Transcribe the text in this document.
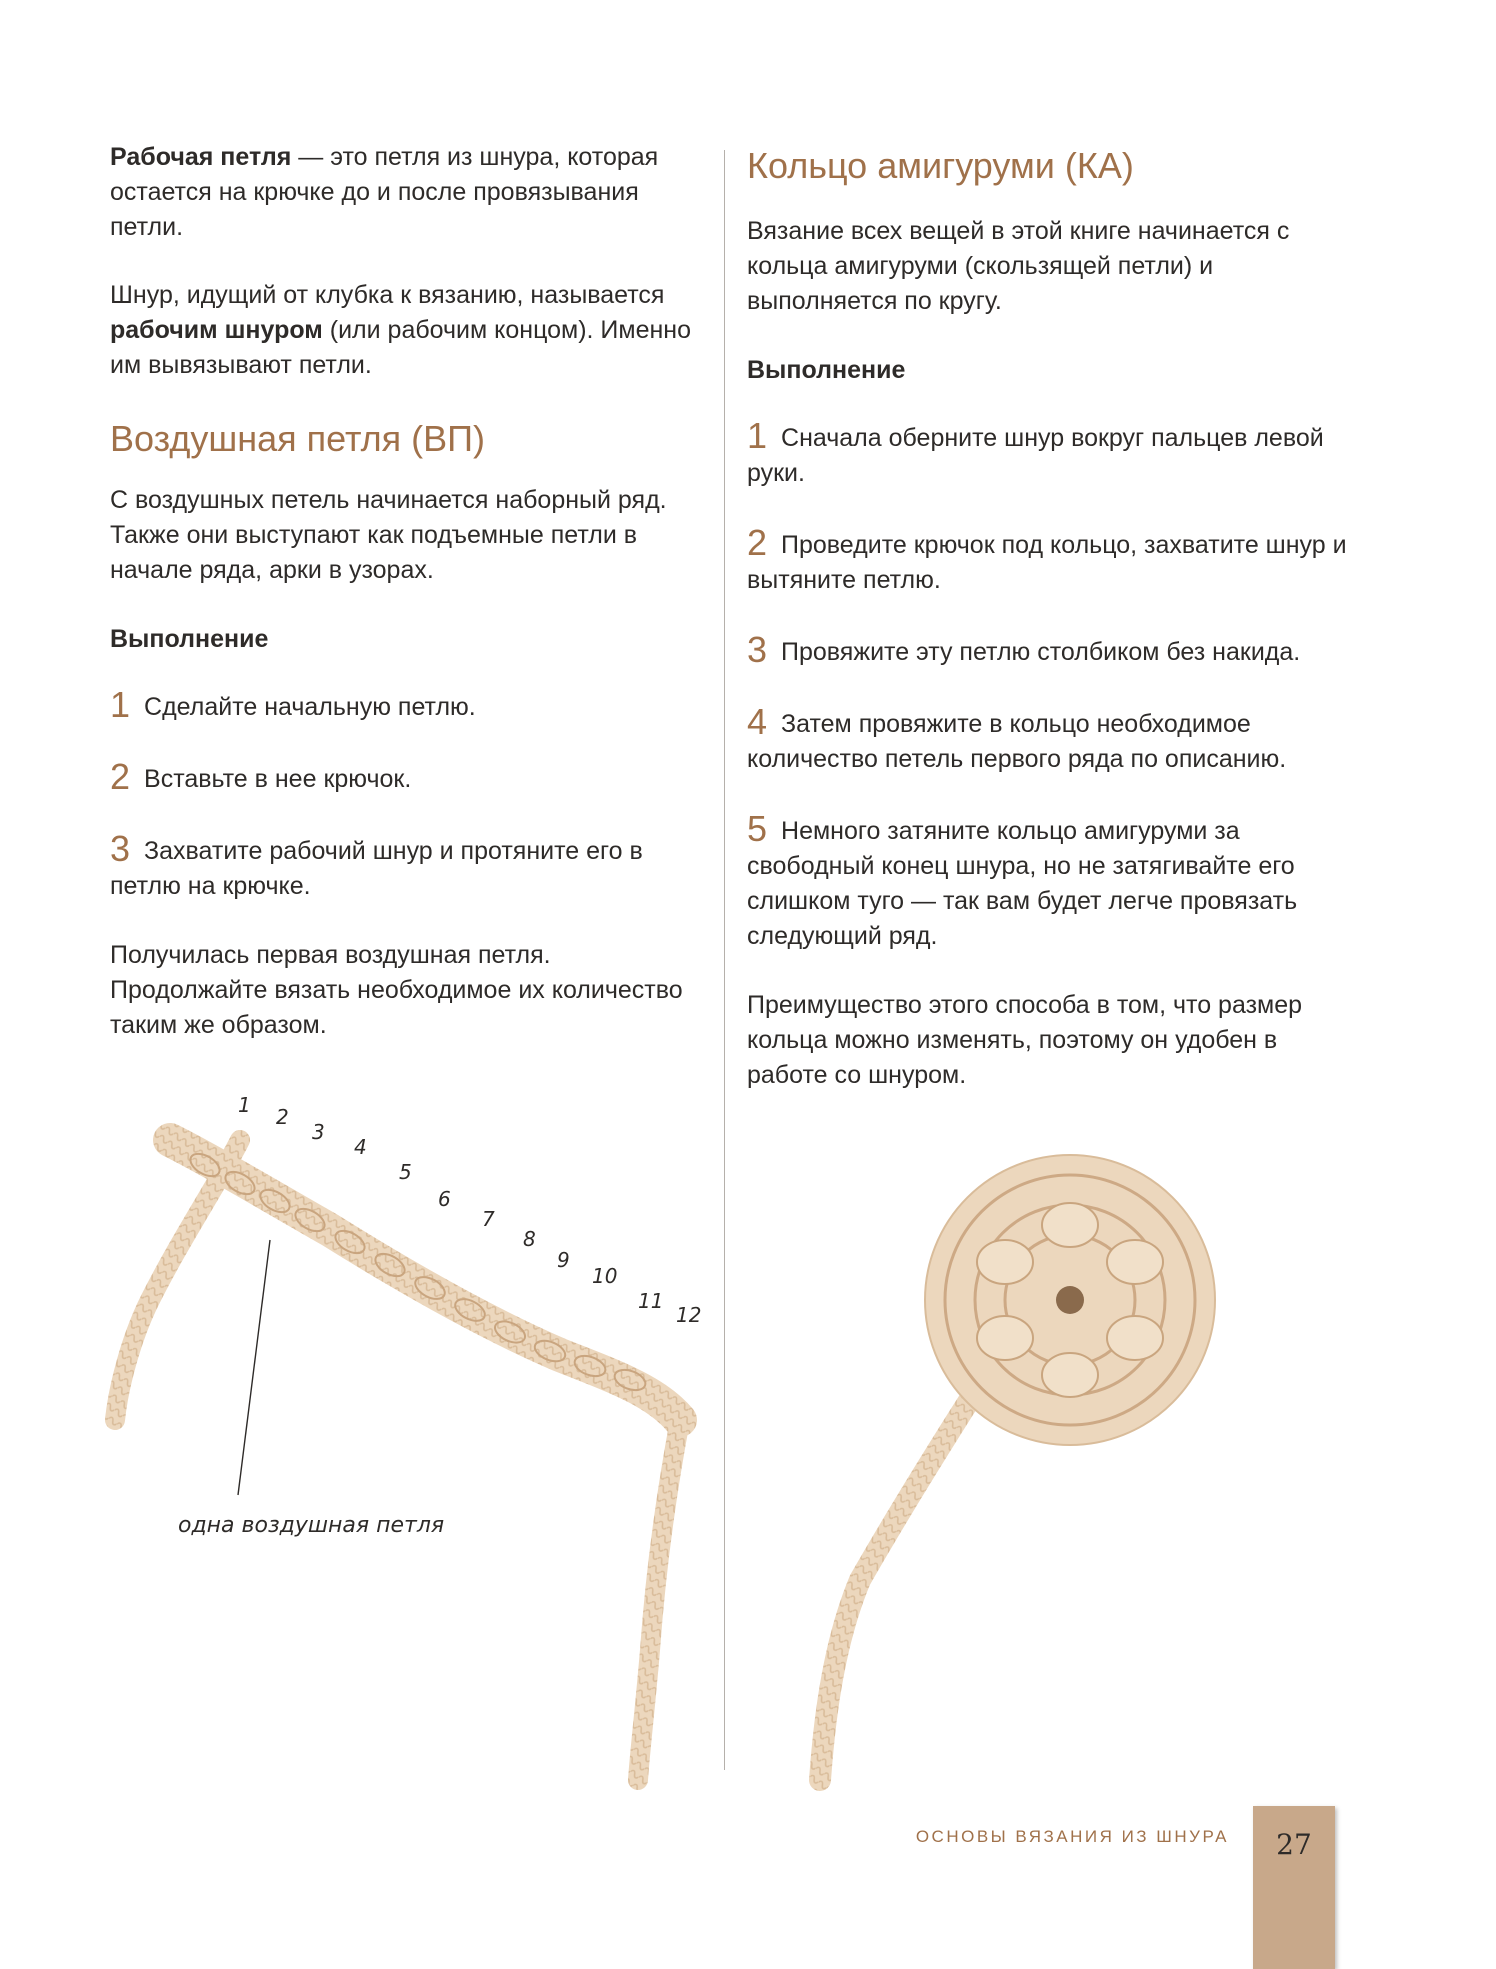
Рабочая петля — это петля из шнура, которая остается на крючке до и после провязывания петли.

Шнур, идущий от клубка к вязанию, называется рабочим шнуром (или рабочим концом). Именно им вывязывают петли.

Воздушная петля (ВП)

С воздушных петель начинается наборный ряд. Также они выступают как подъемные петли в начале ряда, арки в узорах.

Выполнение

1 Сделайте начальную петлю.

2 Вставьте в нее крючок.

3 Захватите рабочий шнур и протяните его в петлю на крючке.

Получилась первая воздушная петля. Продолжайте вязать необходимое их количество таким же образом.

Кольцо амигуруми (КА)

Вязание всех вещей в этой книге начинается с кольца амигуруми (скользящей петли) и выполняется по кругу.

Выполнение

1 Сначала оберните шнур вокруг пальцев левой руки.

2 Проведите крючок под кольцо, захватите шнур и вытяните петлю.

3 Провяжите эту петлю столбиком без накида.

4 Затем провяжите в кольцо необходимое количество петель первого ряда по описанию.

5 Немного затяните кольцо амигуруми за свободный конец шнура, но не затягивайте его слишком туго — так вам будет легче провязать следующий ряд.

Преимущество этого способа в том, что размер кольца можно изменять, поэтому он удобен в работе со шнуром.

1 2
3
4
5
6
7
8
9
10
11
12
одна воздушная петля
ОСНОВЫ ВЯЗАНИЯ ИЗ ШНУРА	27
